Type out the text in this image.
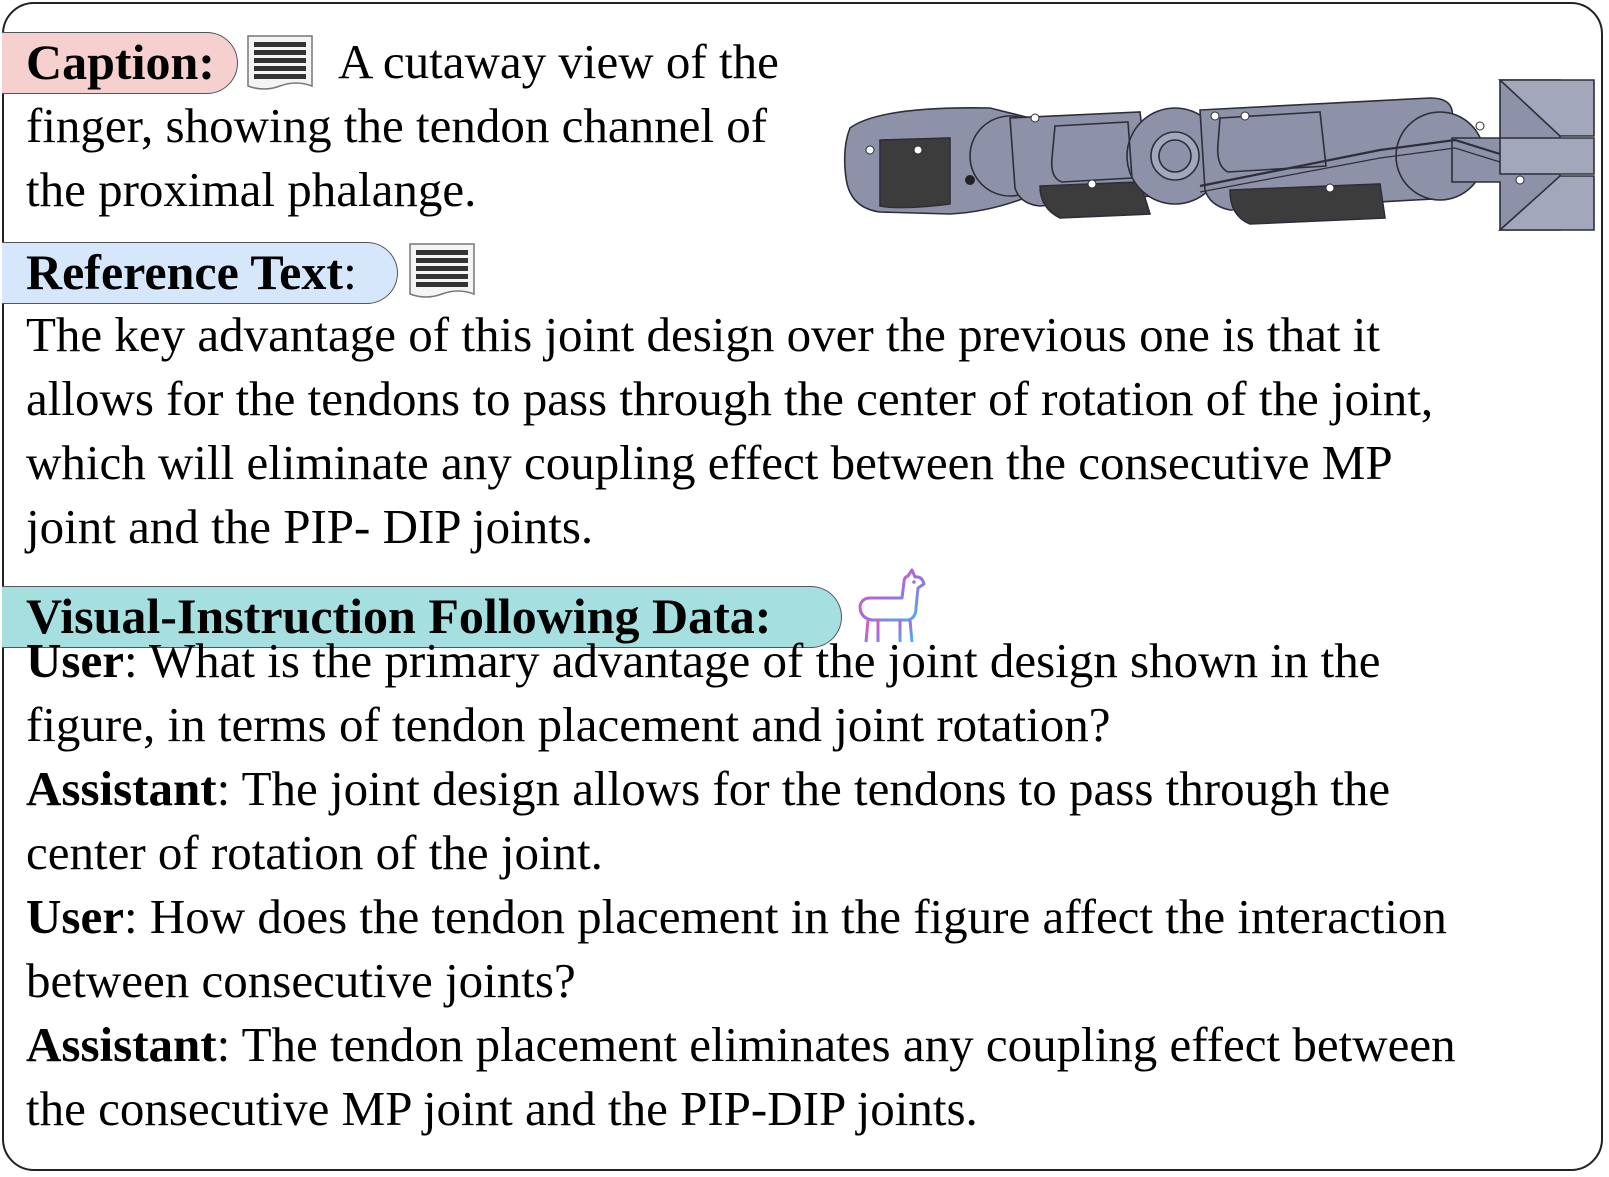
Caption:	A cutaway view of the
finger, showing the tendon channel of
the proximal phalange.
Reference Text:
The key advantage of this joint design over the previous one is that it
allows for the tendons to pass through the center of rotation of the joint,
which will eliminate any coupling effect between the consecutive MP
joint and the PIP- DIP joints.
Visual-Instruction Following Data:
User: What is the primary advantage of the joint design shown in the
figure, in terms of tendon placement and joint rotation?
Assistant: The joint design allows for the tendons to pass through the
center of rotation of the joint.
User: How does the tendon placement in the figure affect the interaction
between consecutive joints?
Assistant: The tendon placement eliminates any coupling effect between
the consecutive MP joint and the PIP-DIP joints.
